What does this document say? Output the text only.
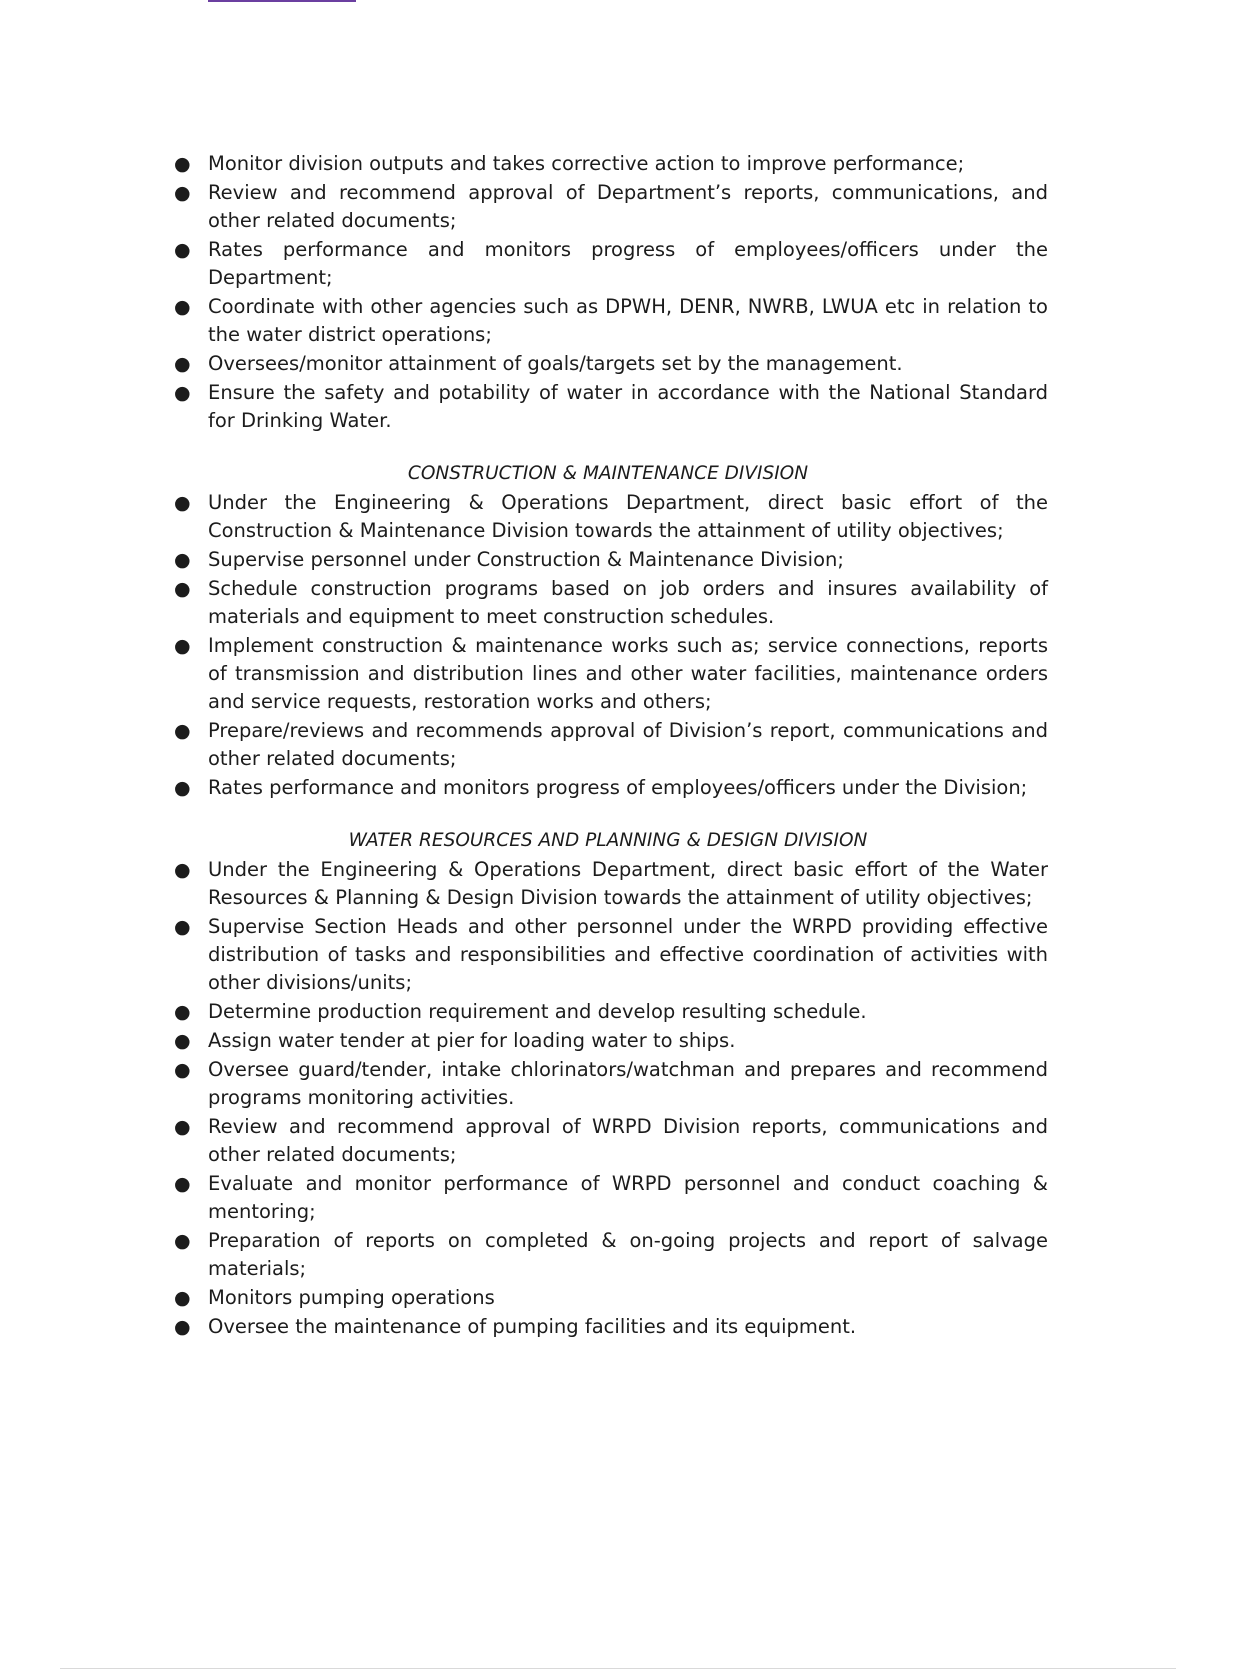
● Monitor division outputs and takes corrective action to improve performance;
● Review and recommend approval of Department’s reports, communications, and other related documents;
● Rates performance and monitors progress of employees/officers under the Department;
● Coordinate with other agencies such as DPWH, DENR, NWRB, LWUA etc in relation to the water district operations;
● Oversees/monitor attainment of goals/targets set by the management.
● Ensure the safety and potability of water in accordance with the National Standard for Drinking Water.
CONSTRUCTION & MAINTENANCE DIVISION
● Under the Engineering & Operations Department, direct basic effort of the Construction & Maintenance Division towards the attainment of utility objectives;
● Supervise personnel under Construction & Maintenance Division;
● Schedule construction programs based on job orders and insures availability of materials and equipment to meet construction schedules.
● Implement construction & maintenance works such as; service connections, reports of transmission and distribution lines and other water facilities, maintenance orders and service requests, restoration works and others;
● Prepare/reviews and recommends approval of Division’s report, communications and other related documents;
● Rates performance and monitors progress of employees/officers under the Division;
WATER RESOURCES AND PLANNING & DESIGN DIVISION
● Under the Engineering & Operations Department, direct basic effort of the Water Resources & Planning & Design Division towards the attainment of utility objectives;
● Supervise Section Heads and other personnel under the WRPD providing effective distribution of tasks and responsibilities and effective coordination of activities with other divisions/units;
● Determine production requirement and develop resulting schedule.
● Assign water tender at pier for loading water to ships.
● Oversee guard/tender, intake chlorinators/watchman and prepares and recommend programs monitoring activities.
● Review and recommend approval of WRPD Division reports, communications and other related documents;
● Evaluate and monitor performance of WRPD personnel and conduct coaching & mentoring;
● Preparation of reports on completed & on-going projects and report of salvage materials;
● Monitors pumping operations
● Oversee the maintenance of pumping facilities and its equipment.
